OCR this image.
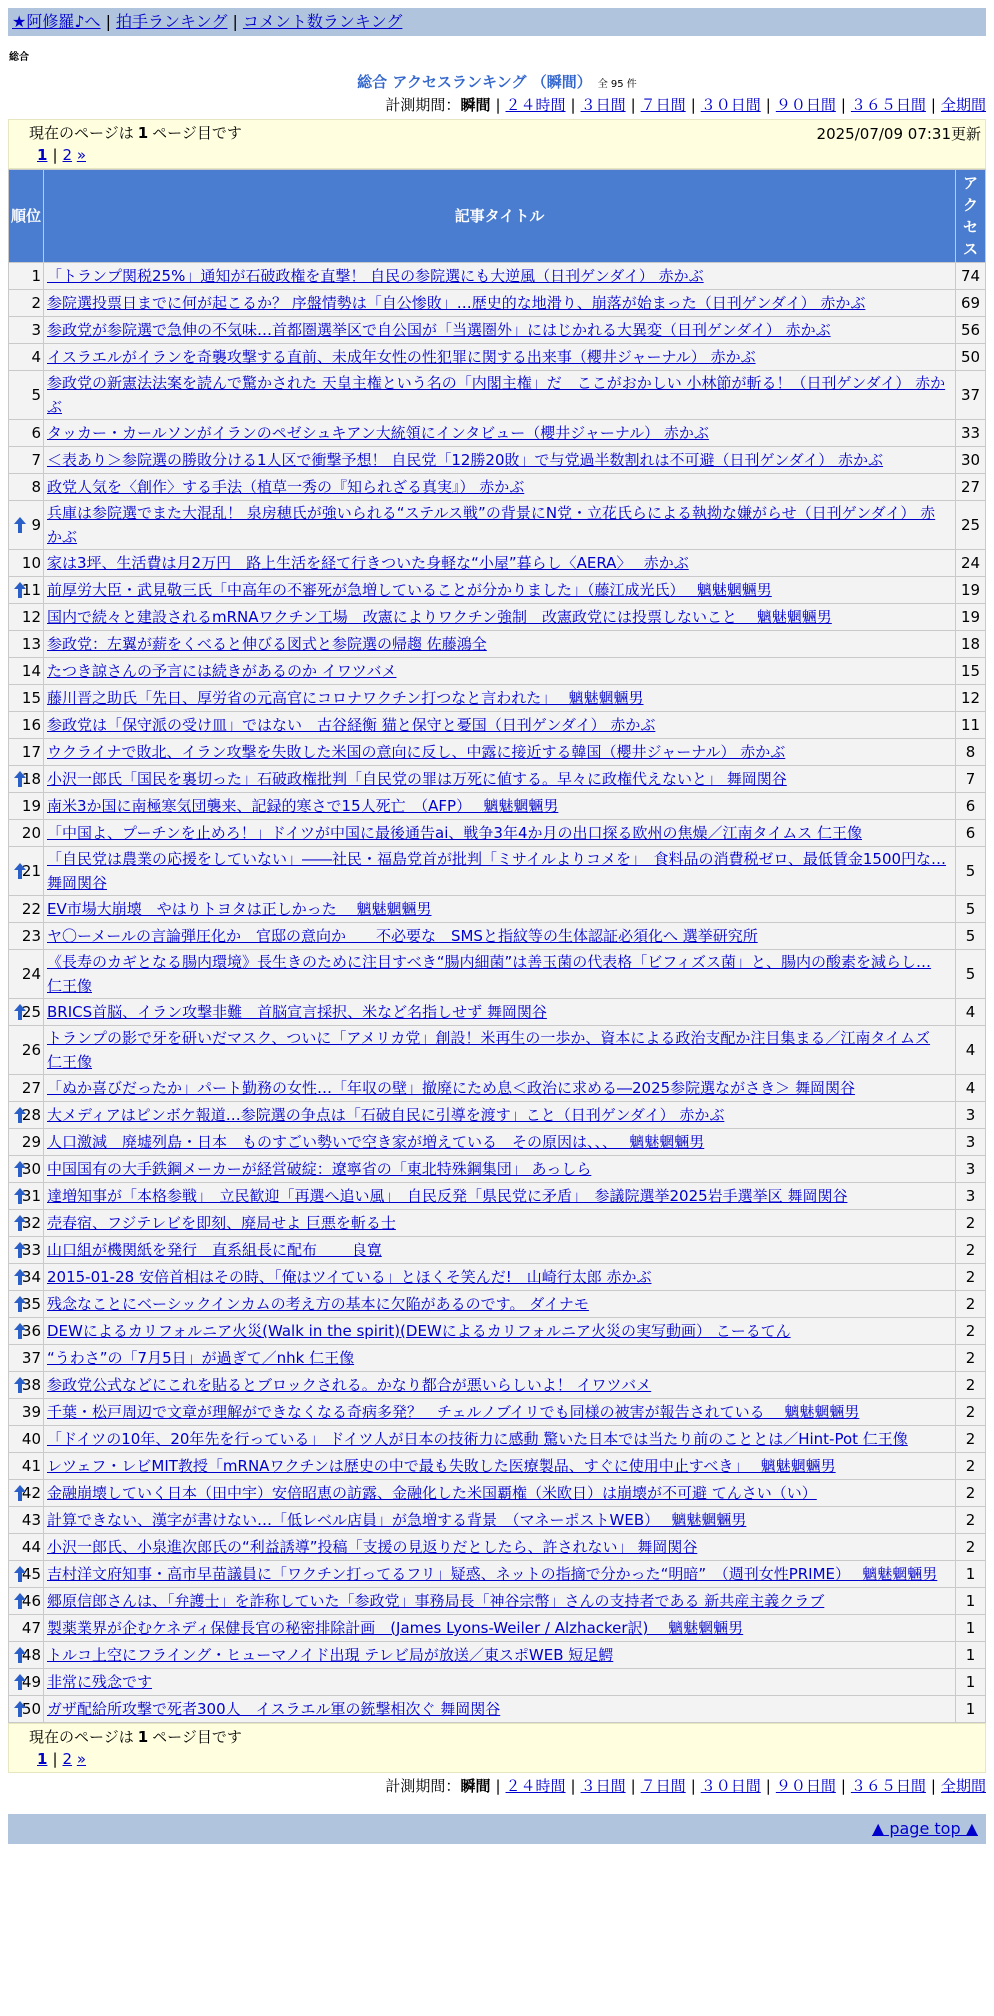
★阿修羅♪へ | 拍手ランキング | コメント数ランキング
総合
総合 アクセスランキング （瞬間） 全 95 件
計測期間：瞬間 | ２４時間 | ３日間 | ７日間 | ３０日間 | ９０日間 | ３６５日間 | 全期間
現在のページは 1 ページ目です	2025/07/09 07:31更新
1 | 2 »
順位	記事タイトル	アクセス
1	「トランプ関税25%」通知が石破政権を直撃！ 自民の参院選にも大逆風（日刊ゲンダイ） 赤かぶ	74
2	参院選投票日までに何が起こるか？ 序盤情勢は「自公惨敗」…歴史的な地滑り、崩落が始まった（日刊ゲンダイ） 赤かぶ	69
3	参政党が参院選で急伸の不気味…首都圏選挙区で自公国が「当選圏外」にはじかれる大異変（日刊ゲンダイ） 赤かぶ	56
4	イスラエルがイランを奇襲攻撃する直前、未成年女性の性犯罪に関する出来事（櫻井ジャーナル） 赤かぶ	50
5	参政党の新憲法法案を読んで驚かされた 天皇主権という名の「内閣主権」だ　ここがおかしい 小林節が斬る！（日刊ゲンダイ） 赤かぶ	37
6	タッカー・カールソンがイランのペゼシュキアン大統領にインタビュー（櫻井ジャーナル） 赤かぶ	33
7	＜表あり＞参院選の勝敗分ける1人区で衝撃予想！ 自民党「12勝20敗」で与党過半数割れは不可避（日刊ゲンダイ） 赤かぶ	30
8	政党人気を〈創作〉する手法（植草一秀の『知られざる真実』） 赤かぶ	27

9	兵庫は参院選でまた大混乱！ 泉房穂氏が強いられる“ステルス戦”の背景にN党・立花氏らによる執拗な嫌がらせ（日刊ゲンダイ） 赤かぶ	25
10	家は3坪、生活費は月2万円　路上生活を経て行きついた身軽な“小屋”暮らし〈AERA〉　 赤かぶ	24

11	前厚労大臣・武見敬三氏「中高年の不審死が急増していることが分かりました」（藤江成光氏）　 魑魅魍魎男	19
12	国内で続々と建設されるmRNAワクチン工場　改憲によりワクチン強制　改憲政党には投票しないこと　 魑魅魍魎男	19
13	参政党：左翼が薪をくべると伸びる図式と参院選の帰趨 佐藤鴻全	18
14	たつき諒さんの予言には続きがあるのか イワツバメ	15
15	藤川晋之助氏「先日、厚労省の元高官にコロナワクチン打つなと言われた」　 魑魅魍魎男	12
16	参政党は「保守派の受け皿」ではない　古谷経衡 猫と保守と憂国（日刊ゲンダイ） 赤かぶ	11
17	ウクライナで敗北、イラン攻撃を失敗した米国の意向に反し、中露に接近する韓国（櫻井ジャーナル） 赤かぶ	8

18	小沢一郎氏「国民を裏切った」石破政権批判「自民党の罪は万死に値する。早々に政権代えないと」 舞岡関谷	7
19	南米3か国に南極寒気団襲来、記録的寒さで15人死亡　（AFP）　 魑魅魍魎男	6
20	「中国よ、プーチンを止めろ！」ドイツが中国に最後通告ai、戦争3年4か月の出口探る欧州の焦燥／江南タイムス 仁王像	6

21	「自民党は農業の応援をしていない」――社民・福島党首が批判「ミサイルよりコメを」　食料品の消費税ゼロ、最低賃金1500円な… 舞岡関谷	5
22	EV市場大崩壊　やはりトヨタは正しかった　 魑魅魍魎男	5
23	ヤ〇ーメールの言論弾圧化か　官邸の意向か　　不必要な　SMSと指紋等の生体認証必須化へ 選挙研究所	5
24	《長寿のカギとなる腸内環境》長生きのために注目すべき“腸内細菌”は善玉菌の代表格「ビフィズス菌」と、腸内の酸素を減らし… 仁王像	5

25	BRICS首脳、イラン攻撃非難　首脳宣言採択、米など名指しせず 舞岡関谷	4
26	トランプの影で牙を研いだマスク、ついに「アメリカ党」創設！米再生の一歩か、資本による政治支配か注目集まる／江南タイムズ 仁王像	4
27	「ぬか喜びだったか」パート勤務の女性…「年収の壁」撤廃にため息＜政治に求める―2025参院選ながさき＞ 舞岡関谷	4

28	大メディアはピンボケ報道…参院選の争点は「石破自民に引導を渡す」こと（日刊ゲンダイ） 赤かぶ	3
29	人口激減　廃墟列島・日本　ものすごい勢いで空き家が増えている　その原因は、、、　 魑魅魍魎男	3

30	中国国有の大手鉄鋼メーカーが経営破綻：遼寧省の「東北特殊鋼集団」 あっしら	3

31	達増知事が「本格参戦」　立民歓迎「再選へ追い風」　自民反発「県民党に矛盾」　参議院選挙2025岩手選挙区 舞岡関谷	3

32	売春宿、フジテレビを即刻、廃局せよ 巨悪を斬る士	2

33	山口組が機関紙を発行　直系組長に配布　　 良寛	2

34	2015-01-28 安倍首相はその時、「俺はツイている」とほくそ笑んだ!　山崎行太郎 赤かぶ	2

35	残念なことにベーシックインカムの考え方の基本に欠陥があるのです。 ダイナモ	2

36	DEWによるカリフォルニア火災(Walk in the spirit)(DEWによるカリフォルニア火災の実写動画） こーるてん	2
37	“うわさ”の「7月5日」が過ぎて／nhk 仁王像	2

38	参政党公式などにこれを貼るとブロックされる。かなり都合が悪いらしいよ！ イワツバメ	2
39	千葉・松戸周辺で文章が理解ができなくなる奇病多発？　チェルノブイリでも同様の被害が報告されている　 魑魅魍魎男	2
40	「ドイツの10年、20年先を行っている」 ドイツ人が日本の技術力に感動 驚いた日本では当たり前のこととは／Hint-Pot 仁王像	2
41	レツェフ・レビMIT教授「mRNAワクチンは歴史の中で最も失敗した医療製品、すぐに使用中止すべき」　 魑魅魍魎男	2

42	金融崩壊していく日本（田中宇）安倍昭恵の訪露、金融化した米国覇権（米欧日）は崩壊が不可避 てんさい（い）	2
43	計算できない、漢字が書けない…「低レベル店員」が急増する背景　（マネーポストWEB）　 魑魅魍魎男	2
44	小沢一郎氏、小泉進次郎氏の“利益誘導”投稿「支援の見返りだとしたら、許されない」 舞岡関谷	2

45	吉村洋文府知事・高市早苗議員に「ワクチン打ってるフリ」疑惑、ネットの指摘で分かった“明暗”　（週刊女性PRIME）　 魑魅魍魎男	1

46	郷原信郎さんは、「弁護士」を詐称していた「参政党」事務局長「神谷宗幣」さんの支持者である 新共産主義クラブ	1
47	製薬業界が企むケネディ保健長官の秘密排除計画　(James Lyons-Weiler / Alzhacker訳)　 魑魅魍魎男	1

48	トルコ上空にフライング・ヒューマノイド出現 テレビ局が放送／東スポWEB 短足鰐	1

49	非常に残念です	1

50	ガザ配給所攻撃で死者300人　イスラエル軍の銃撃相次ぐ 舞岡関谷	1
現在のページは 1 ページ目です
1 | 2 »
計測期間：瞬間 | ２４時間 | ３日間 | ７日間 | ３０日間 | ９０日間 | ３６５日間 | 全期間
▲ page top ▲
